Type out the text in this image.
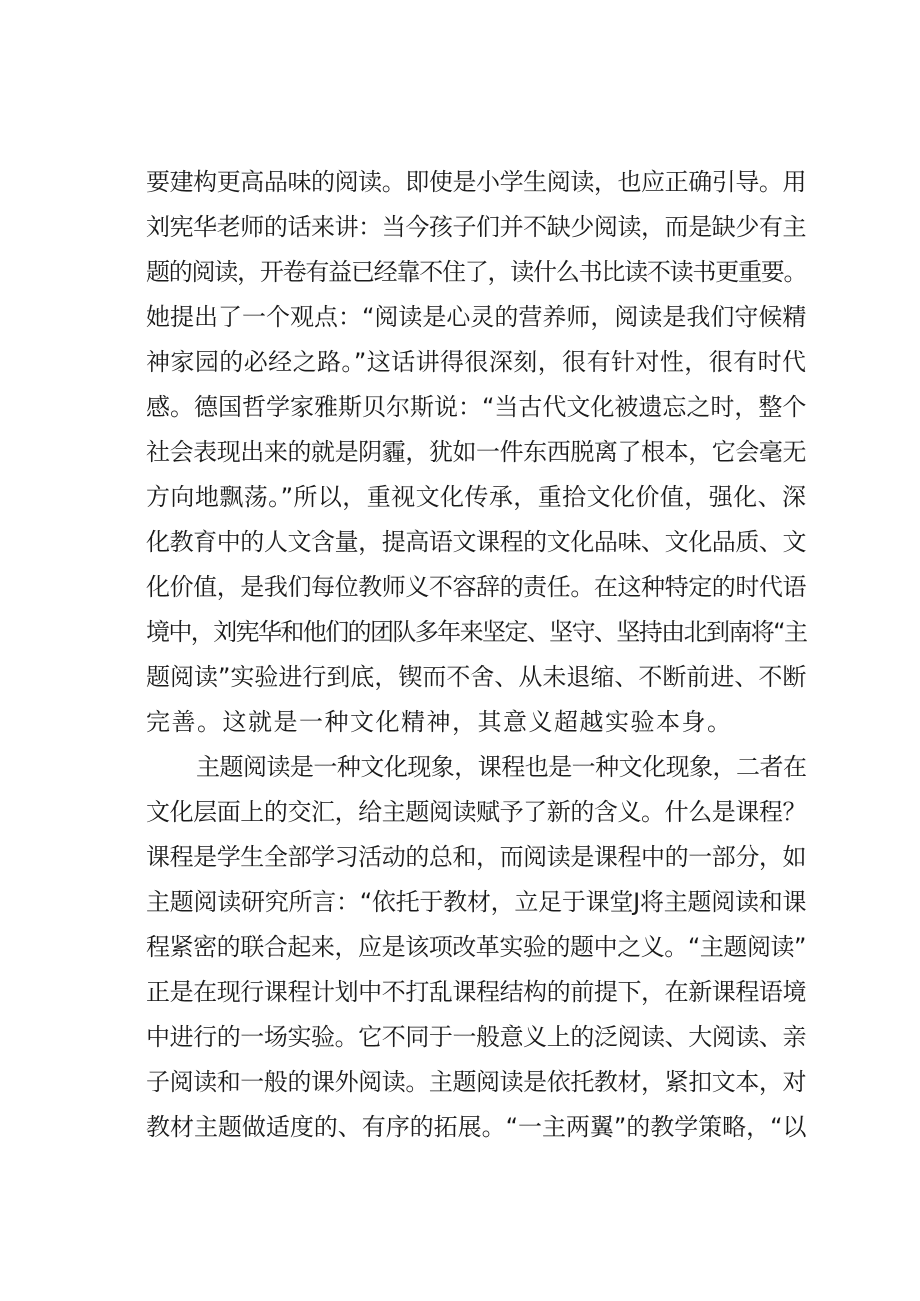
要建构更高品味的阅读。即使是小学生阅读，也应正确引导。用
刘宪华老师的话来讲：当今孩子们并不缺少阅读，而是缺少有主
题的阅读，开卷有益已经靠不住了，读什么书比读不读书更重要。
她提出了一个观点：“阅读是心灵的营养师，阅读是我们守候精
神家园的必经之路。”这话讲得很深刻，很有针对性，很有时代
感。德国哲学家雅斯贝尔斯说：“当古代文化被遗忘之时，整个
社会表现出来的就是阴霾，犹如一件东西脱离了根本，它会毫无
方向地飘荡。”所以，重视文化传承，重拾文化价值，强化、深
化教育中的人文含量，提高语文课程的文化品味、文化品质、文
化价值，是我们每位教师义不容辞的责任。在这种特定的时代语
境中，刘宪华和他们的团队多年来坚定、坚守、坚持由北到南将“主
题阅读”实验进行到底，锲而不舍、从未退缩、不断前进、不断
完善。这就是一种文化精神，其意义超越实验本身。
主题阅读是一种文化现象，课程也是一种文化现象，二者在
文化层面上的交汇，给主题阅读赋予了新的含义。什么是课程？
课程是学生全部学习活动的总和，而阅读是课程中的一部分，如
主题阅读研究所言：“依托于教材，立足于课堂J将主题阅读和课
程紧密的联合起来，应是该项改革实验的题中之义。“主题阅读”
正是在现行课程计划中不打乱课程结构的前提下，在新课程语境
中进行的一场实验。它不同于一般意义上的泛阅读、大阅读、亲
子阅读和一般的课外阅读。主题阅读是依托教材，紧扣文本，对
教材主题做适度的、有序的拓展。“一主两翼”的教学策略，“以
